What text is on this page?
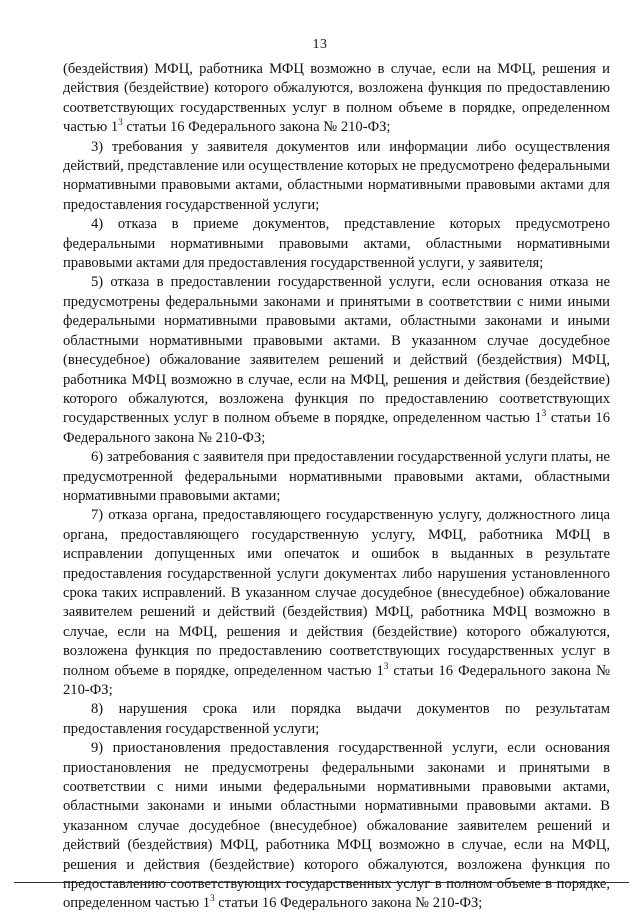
13

(бездействия) МФЦ, работника МФЦ возможно в случае, если на МФЦ, решения и действия (бездействие) которого обжалуются, возложена функция по предоставлению соответствующих государственных услуг в полном объеме в порядке, определенном частью $1^3$ статьи 16 Федерального закона № 210-ФЗ;

3) требования у заявителя документов или информации либо осуществления действий, представление или осуществление которых не предусмотрено федеральными нормативными правовыми актами, областными нормативными правовыми актами для предоставления государственной услуги;

4) отказа в приеме документов, представление которых предусмотрено федеральными нормативными правовыми актами, областными нормативными правовыми актами для предоставления государственной услуги, у заявителя;

5) отказа в предоставлении государственной услуги, если основания отказа не предусмотрены федеральными законами и принятыми в соответствии с ними иными федеральными нормативными правовыми актами, областными законами и иными областными нормативными правовыми актами. В указанном случае досудебное (внесудебное) обжалование заявителем решений и действий (бездействия) МФЦ, работника МФЦ возможно в случае, если на МФЦ, решения и действия (бездействие) которого обжалуются, возложена функция по предоставлению соответствующих государственных услуг в полном объеме в порядке, определенном частью $1^3$ статьи 16 Федерального закона № 210-ФЗ;

6) затребования с заявителя при предоставлении государственной услуги платы, не предусмотренной федеральными нормативными правовыми актами, областными нормативными правовыми актами;

7) отказа органа, предоставляющего государственную услугу, должностного лица органа, предоставляющего государственную услугу, МФЦ, работника МФЦ в исправлении допущенных ими опечаток и ошибок в выданных в результате предоставления государственной услуги документах либо нарушения установленного срока таких исправлений. В указанном случае досудебное (внесудебное) обжалование заявителем решений и действий (бездействия) МФЦ, работника МФЦ возможно в случае, если на МФЦ, решения и действия (бездействие) которого обжалуются, возложена функция по предоставлению соответствующих государственных услуг в полном объеме в порядке, определенном частью $1^3$ статьи 16 Федерального закона № 210-ФЗ;

8) нарушения срока или порядка выдачи документов по результатам предоставления государственной услуги;

9) приостановления предоставления государственной услуги, если основания приостановления не предусмотрены федеральными законами и принятыми в соответствии с ними иными федеральными нормативными правовыми актами, областными законами и иными областными нормативными правовыми актами. В указанном случае досудебное (внесудебное) обжалование заявителем решений и действий (бездействия) МФЦ, работника МФЦ возможно в случае, если на МФЦ, решения и действия (бездействие) которого обжалуются, возложена функция по предоставлению соответствующих государственных услуг в полном объеме в порядке, определенном частью $1^3$ статьи 16 Федерального закона № 210-ФЗ;
